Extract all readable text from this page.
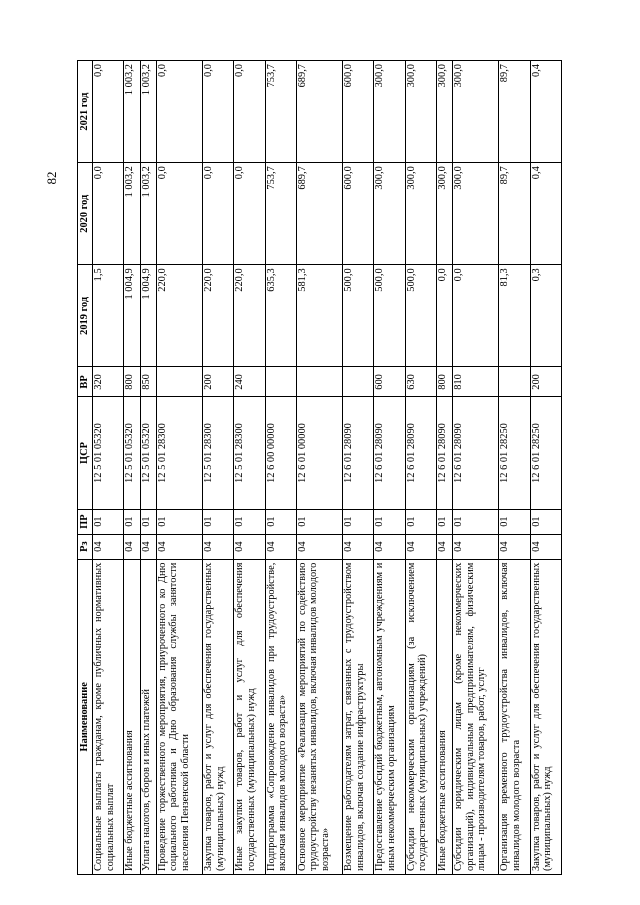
82
Наименование	Рз	ПР	ЦСР	ВР	2019 год	2020 год	2021 год
Социальные выплаты гражданам, кроме публичных нормативных социальных выплат	04	01	12 5 01 05320	320	1,5	0,0	0,0
Иные бюджетные ассигнования	04	01	12 5 01 05320	800	1 004,9	1 003,2	1 003,2
Уплата налогов, сборов и иных платежей	04	01	12 5 01 05320	850	1 004,9	1 003,2	1 003,2
Проведение торжественного мероприятия, приуроченного ко Дню социального работника и Дню образования службы занятости населения Пензенской области	04	01	12 5 01 28300		220,0	0,0	0,0
Закупка товаров, работ и услуг для обеспечения государственных (муниципальных) нужд	04	01	12 5 01 28300	200	220,0	0,0	0,0
Иные закупки товаров, работ и услуг для обеспечения государственных (муниципальных) нужд	04	01	12 5 01 28300	240	220,0	0,0	0,0
Подпрограмма «Сопровождение инвалидов при трудоустройстве, включая инвалидов молодого возраста»	04	01	12 6 00 00000		635,3	753,7	753,7
Основное мероприятие «Реализация мероприятий по содействию трудоустройству незанятых инвалидов, включая инвалидов молодого возраста»	04	01	12 6 01 00000		581,3	689,7	689,7
Возмещение работодателям затрат, связанных с трудоустройством инвалидов, включая создание инфраструктуры	04	01	12 6 01 28090		500,0	600,0	600,0
Предоставление субсидий бюджетным, автономным учреждениям и иным некоммерческим организациям	04	01	12 6 01 28090	600	500,0	300,0	300,0
Субсидии некоммерческим организациям (за исключением государственных (муниципальных) учреждений)	04	01	12 6 01 28090	630	500,0	300,0	300,0
Иные бюджетные ассигнования	04	01	12 6 01 28090	800	0,0	300,0	300,0
Субсидии юридическим лицам (кроме некоммерческих организаций), индивидуальным предпринимателям, физическим лицам - производителям товаров, работ, услуг	04	01	12 6 01 28090	810	0,0	300,0	300,0
Организация временного трудоустройства инвалидов, включая инвалидов молодого возраста	04	01	12 6 01 28250		81,3	89,7	89,7
Закупка товаров, работ и услуг для обеспечения государственных (муниципальных) нужд	04	01	12 6 01 28250	200	0,3	0,4	0,4
